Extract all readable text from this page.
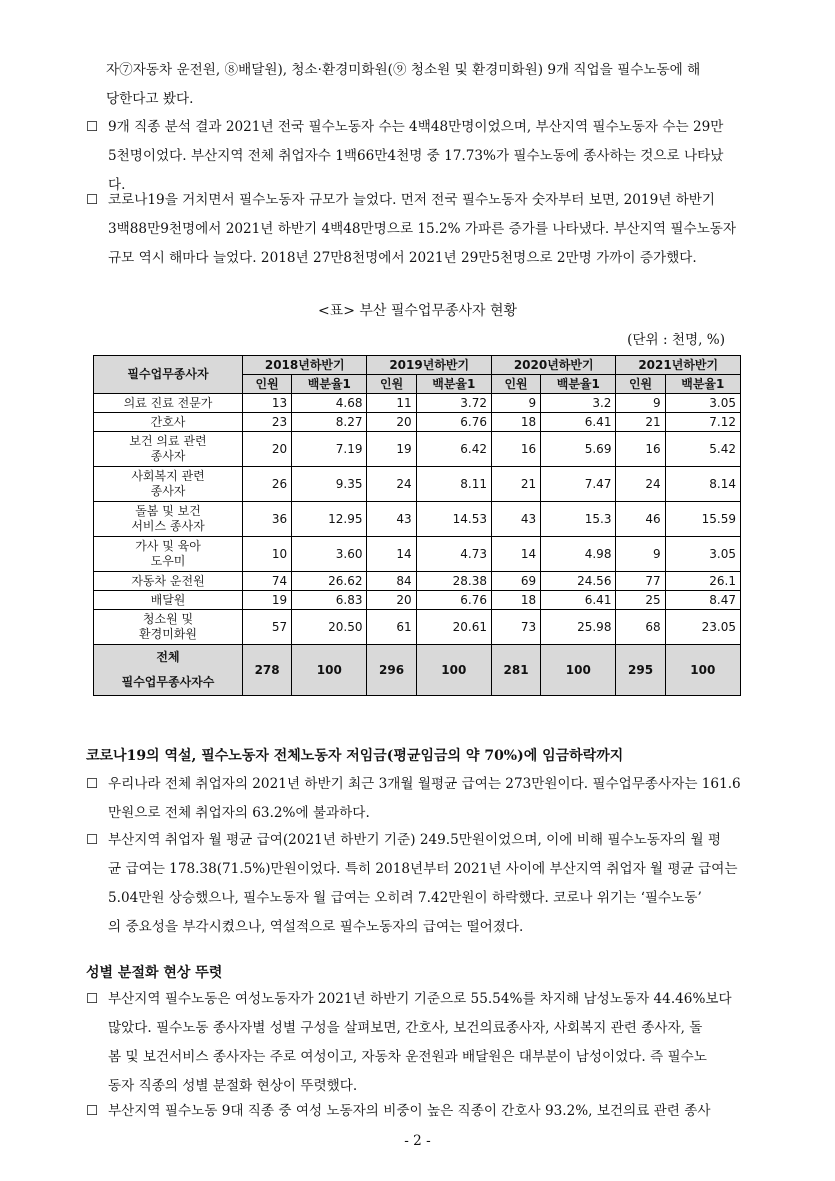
자⑦자동차 운전원, ⑧배달원), 청소·환경미화원(⑨ 청소원 및 환경미화원) 9개 직업을 필수노동에 해
당한다고 봤다.
☐ 9개 직종 분석 결과 2021년 전국 필수노동자 수는 4백48만명이었으며, 부산지역 필수노동자 수는 29만
5천명이었다. 부산지역 전체 취업자수 1백66만4천명 중 17.73%가 필수노동에 종사하는 것으로 나타났
다.
☐ 코로나19을 거치면서 필수노동자 규모가 늘었다. 먼저 전국 필수노동자 숫자부터 보면, 2019년 하반기
3백88만9천명에서 2021년 하반기 4백48만명으로 15.2% 가파른 증가를 나타냈다. 부산지역 필수노동자
규모 역시 해마다 늘었다. 2018년 27만8천명에서 2021년 29만5천명으로 2만명 가까이 증가했다.
<표> 부산 필수업무종사자 현황
(단위 : 천명, %)
필수업무종사자	2018년하반기		2019년하반기		2020년하반기		2021년하반기	
	인원	백분율1	인원	백분율1	인원	백분율1	인원	백분율1

의료 진료 전문가	13	4.68	11	3.72	9	3.2	9	3.05

간호사	23	8.27	20	6.76	18	6.41	21	7.12

보건 의료 관련
종사자	20	7.19	19	6.42	16	5.69	16	5.42

사회복지 관련
종사자	26	9.35	24	8.11	21	7.47	24	8.14

돌봄 및 보건
서비스 종사자	36	12.95	43	14.53	43	15.3	46	15.59

가사 및 육아
도우미	10	3.60	14	4.73	14	4.98	9	3.05

자동차 운전원	74	26.62	84	28.38	69	24.56	77	26.1

배달원	19	6.83	20	6.76	18	6.41	25	8.47

청소원 및
환경미화원	57	20.50	61	20.61	73	25.98	68	23.05

전체
필수업무종사자수	278	100	296	100	281	100	295	100
코로나19의 역설, 필수노동자 전체노동자 저임금(평균임금의 약 70%)에 임금하락까지
☐ 우리나라 전체 취업자의 2021년 하반기 최근 3개월 월평균 급여는 273만원이다. 필수업무종사자는 161.6
만원으로 전체 취업자의 63.2%에 불과하다.
☐ 부산지역 취업자 월 평균 급여(2021년 하반기 기준) 249.5만원이었으며, 이에 비해 필수노동자의 월 평
균 급여는 178.38(71.5%)만원이었다. 특히 2018년부터 2021년 사이에 부산지역 취업자 월 평균 급여는
5.04만원 상승했으나, 필수노동자 월 급여는 오히려 7.42만원이 하락했다. 코로나 위기는 ‘필수노동’
의 중요성을 부각시켰으나, 역설적으로 필수노동자의 급여는 떨어졌다.
성별 분절화 현상 뚜렷
☐ 부산지역 필수노동은 여성노동자가 2021년 하반기 기준으로 55.54%를 차지해 남성노동자 44.46%보다
많았다. 필수노동 종사자별 성별 구성을 살펴보면, 간호사, 보건의료종사자, 사회복지 관련 종사자, 돌
봄 및 보건서비스 종사자는 주로 여성이고, 자동차 운전원과 배달원은 대부분이 남성이었다. 즉 필수노
동자 직종의 성별 분절화 현상이 뚜렷했다.
☐ 부산지역 필수노동 9대 직종 중 여성 노동자의 비중이 높은 직종이 간호사 93.2%, 보건의료 관련 종사
- 2 -
